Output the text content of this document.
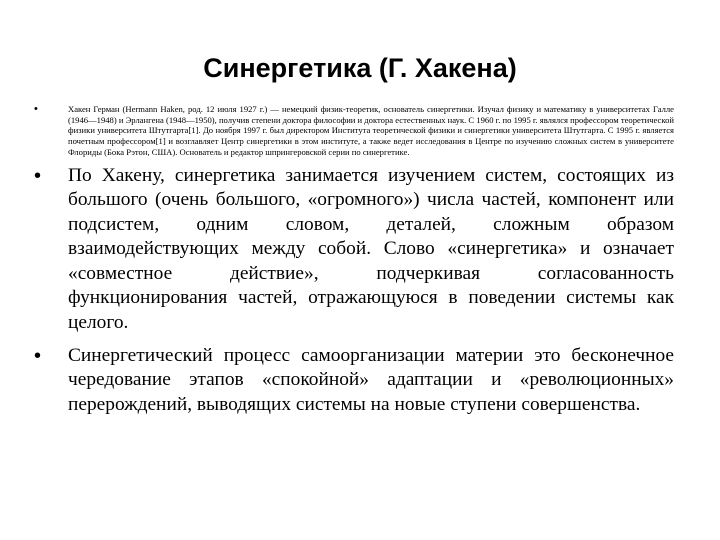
Синергетика (Г. Хакена)
•	Хакен Герман (Hermann Haken, род. 12 июля 1927 г.) — немецкий физик-теоретик, основатель синергетики. Изучал физику и математику в университетах Галле (1946—1948) и Эрлангена (1948—1950), получив степени доктора философии и доктора естественных наук. С 1960 г. по 1995 г. являлся профессором теоретической физики университета Штутгарта[1]. До ноября 1997 г. был директором Института теоретической физики и синергетики университета Штутгарта. С 1995 г. является почетным профессором[1] и возглавляет Центр синергетики в этом институте, а также ведет исследования в Центре по изучению сложных систем в университете Флориды (Бока Рэтон, США). Основатель и редактор шпрингеровской серии по синергетике.
• По Хакену, синергетика занимается изучением систем, состоящих из большого (очень большого, «огромного») числа частей, компонент или подсистем, одним словом, деталей, сложным образом взаимодействующих между собой. Слово «синергетика» и означает «совместное действие», подчеркивая согласованность функционирования частей, отражающуюся в поведении системы как целого.
• Синергетический процесс самоорганизации материи это бесконечное чередование этапов «спокойной» адаптации и «революционных» перерождений, выводящих системы на новые ступени совершенства.
